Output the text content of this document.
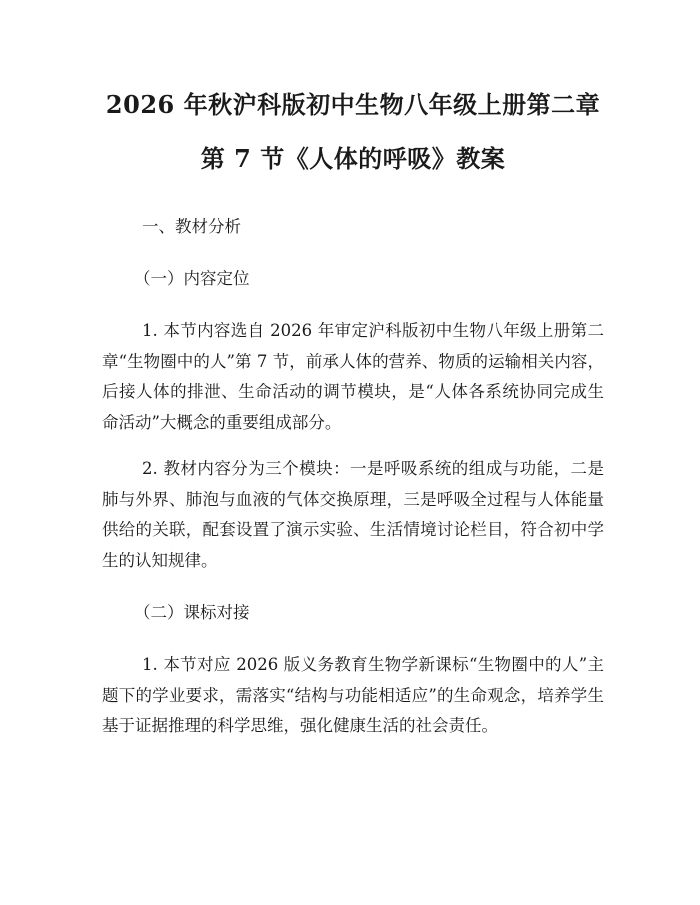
2026 年秋沪科版初中生物八年级上册第二章
第 7 节《人体的呼吸》教案

一、教材分析

（一）内容定位

1. 本节内容选自 2026 年审定沪科版初中生物八年级上册第二章“生物圈中的人”第 7 节，前承人体的营养、物质的运输相关内容，后接人体的排泄、生命活动的调节模块，是“人体各系统协同完成生命活动”大概念的重要组成部分。

2. 教材内容分为三个模块：一是呼吸系统的组成与功能，二是肺与外界、肺泡与血液的气体交换原理，三是呼吸全过程与人体能量供给的关联，配套设置了演示实验、生活情境讨论栏目，符合初中学生的认知规律。

（二）课标对接

1. 本节对应 2026 版义务教育生物学新课标“生物圈中的人”主题下的学业要求，需落实“结构与功能相适应”的生命观念，培养学生基于证据推理的科学思维，强化健康生活的社会责任。
